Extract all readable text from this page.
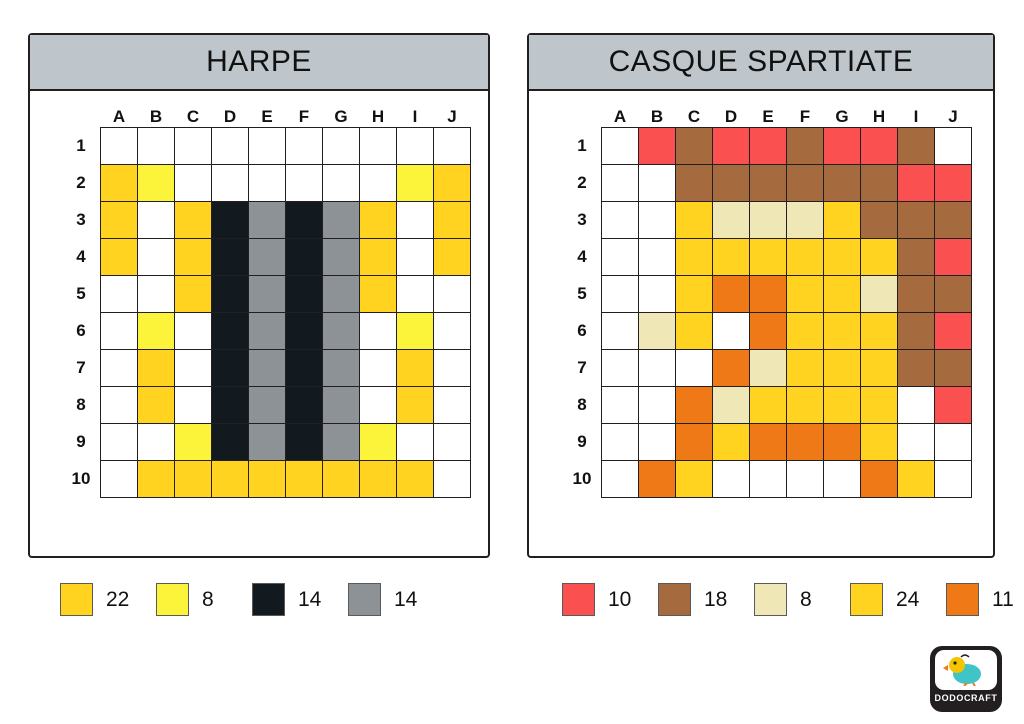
HARPE
	A	B	C	D	E	F	G	H	I	J
1										
2										
3										
4										
5										
6										
7										
8										
9										
10										
CASQUE SPARTIATE
	A	B	C	D	E	F	G	H	I	J
1										
2										
3										
4										
5										
6										
7										
8										
9										
10										
22	8	14	14	10	18	8	24	11
DODOCRAFT
